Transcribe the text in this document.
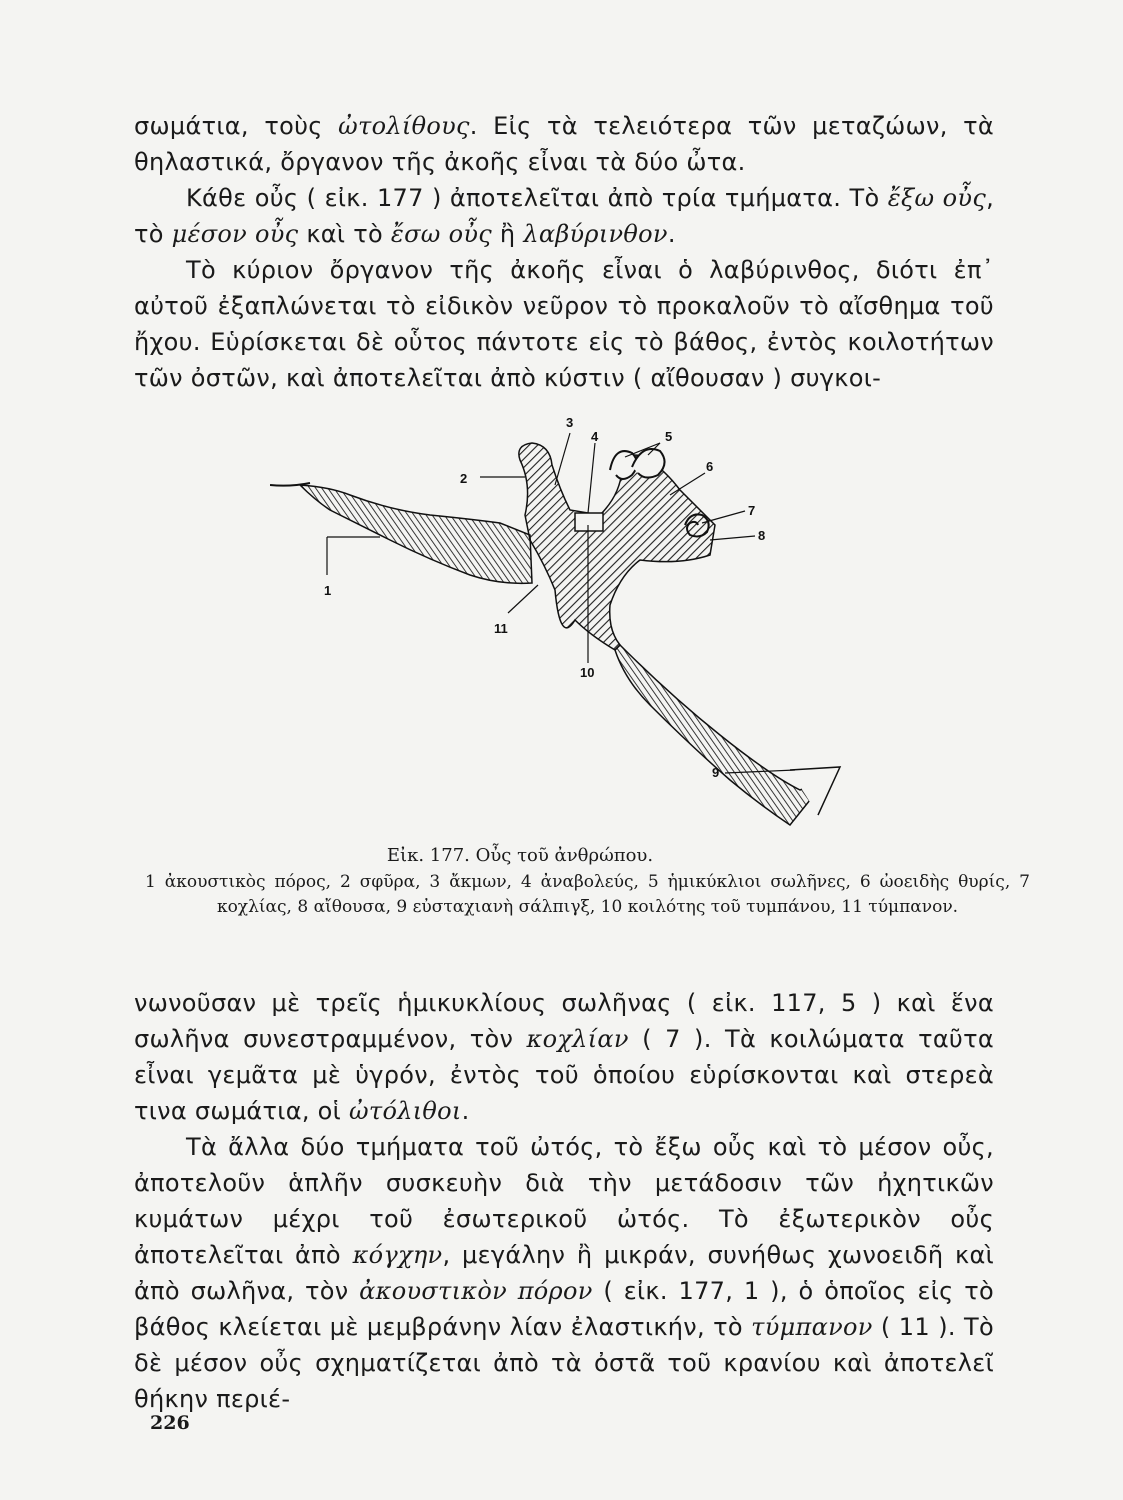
σωμάτια, τοὺς ὠτολίθους. Εἰς τὰ τελειότερα τῶν μεταζώων, τὰ θηλαστικά, ὄργανον τῆς ἀκοῆς εἶναι τὰ δύο ὦτα.

Κάθε οὖς ( εἰκ. 177 ) ἀποτελεῖται ἀπὸ τρία τμήματα. Τὸ ἔξω οὖς, τὸ μέσον οὖς καὶ τὸ ἔσω οὖς ἢ λαβύρινθον.

Τὸ κύριον ὄργανον τῆς ἀκοῆς εἶναι ὁ λαβύρινθος, διότι ἐπ᾽ αὐτοῦ ἐξαπλώνεται τὸ εἰδικὸν νεῦρον τὸ προκαλοῦν τὸ αἴσθημα τοῦ ἤχου. Εὑρίσκεται δὲ οὗτος πάντοτε εἰς τὸ βάθος, ἐντὸς κοιλοτήτων τῶν ὀστῶν, καὶ ἀποτελεῖται ἀπὸ κύστιν ( αἴθουσαν ) συγκοι-

1
2
3
4	5
6
7
8
9
10
11
Εἰκ. 177. Οὖς τοῦ ἀνθρώπου.
1 ἀκουστικὸς πόρος, 2 σφῦρα, 3 ἄκμων, 4 ἀναβολεύς, 5 ἡμικύκλιοι σωλῆνες, 6 ὠοειδὴς θυρίς, 7 κοχλίας, 8 αἴθουσα, 9 εὐσταχιανὴ σάλπιγξ, 10 κοιλότης τοῦ τυμπάνου, 11 τύμπανον.

νωνοῦσαν μὲ τρεῖς ἡμικυκλίους σωλῆνας ( εἰκ. 117, 5 ) καὶ ἕνα σωλῆνα συνεστραμμένον, τὸν κοχλίαν ( 7 ). Τὰ κοιλώματα ταῦτα εἶναι γεμᾶτα μὲ ὑγρόν, ἐντὸς τοῦ ὁποίου εὑρίσκονται καὶ στερεὰ τινα σωμάτια, οἱ ὠτόλιθοι.

Τὰ ἄλλα δύο τμήματα τοῦ ὠτός, τὸ ἔξω οὖς καὶ τὸ μέσον οὖς, ἀποτελοῦν ἁπλῆν συσκευὴν διὰ τὴν μετάδοσιν τῶν ἠχητικῶν κυμάτων μέχρι τοῦ ἐσωτερικοῦ ὠτός. Τὸ ἐξωτερικὸν οὖς ἀποτελεῖται ἀπὸ κόγχην, μεγάλην ἢ μικράν, συνήθως χωνοειδῆ καὶ ἀπὸ σωλῆνα, τὸν ἀκουστικὸν πόρον ( εἰκ. 177, 1 ), ὁ ὁποῖος εἰς τὸ βάθος κλείεται μὲ μεμβράνην λίαν ἐλαστικήν, τὸ τύμπανον ( 11 ). Τὸ δὲ μέσον οὖς σχηματίζεται ἀπὸ τὰ ὀστᾶ τοῦ κρανίου καὶ ἀποτελεῖ θήκην περιέ-

226
